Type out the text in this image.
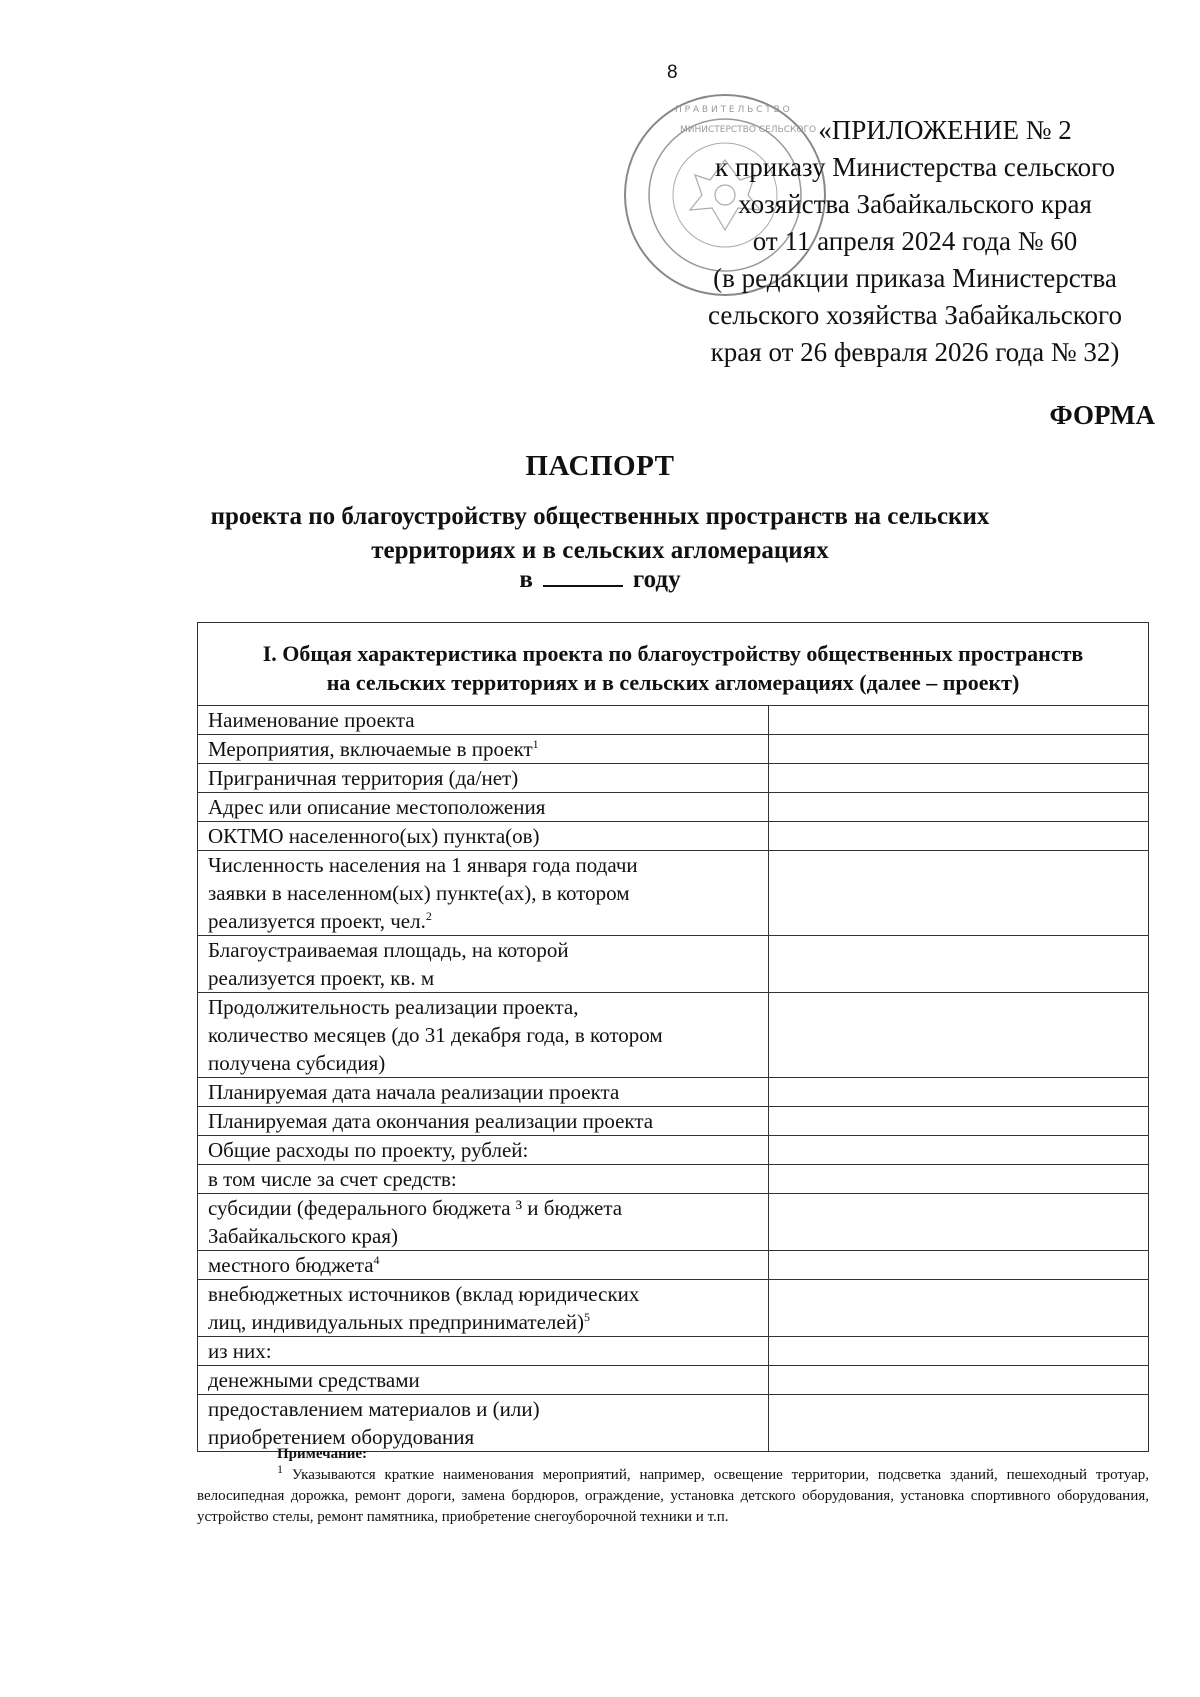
8
П Р А В И Т Е Л Ь С Т В О
МИНИСТЕРСТВО СЕЛЬСКОГО «ПРИЛОЖЕНИЕ № 2
к приказу Министерства сельского
хозяйства Забайкальского края
от 11 апреля 2024 года № 60
(в редакции приказа Министерства
сельского хозяйства Забайкальского
края от 26 февраля 2026 года № 32)
ФОРМА
ПАСПОРТ
проекта по благоустройству общественных пространств на сельских
территориях и в сельских агломерациях
в	году
I. Общая характеристика проекта по благоустройству общественных пространств
на сельских территориях и в сельских агломерациях (далее – проект)	

Наименование проекта	

Мероприятия, включаемые в проект$^1$

Приграничная территория (да/нет)	

Адрес или описание местоположения	

ОКТМО населенного(ых) пункта(ов)	

Численность населения на 1 января года подачи
заявки в населенном(ых) пункте(ах), в котором
реализуется проект, чел.$^2$

Благоустраиваемая площадь, на которой
реализуется проект, кв. м	

Продолжительность реализации проекта,
количество месяцев (до 31 декабря года, в котором
получена субсидия)	

Планируемая дата начала реализации проекта	

Планируемая дата окончания реализации проекта	

Общие расходы по проекту, рублей:	

в том числе за счет средств:	

субсидии (федерального бюджета ³ и бюджета
Забайкальского края)	

местного бюджета$^4$

внебюджетных источников (вклад юридических
лиц, индивидуальных предпринимателей)$^5$

из них:	

денежными средствами	

предоставлением материалов и (или)
приобретением оборудования	

Примечание:
$^1$ Указываются краткие наименования мероприятий, например, освещение территории, подсветка зданий, пешеходный тротуар, велосипедная дорожка, ремонт дороги, замена бордюров, ограждение, установка детского оборудования, установка спортивного оборудования, устройство стелы, ремонт памятника, приобретение снегоуборочной техники и т.п.
